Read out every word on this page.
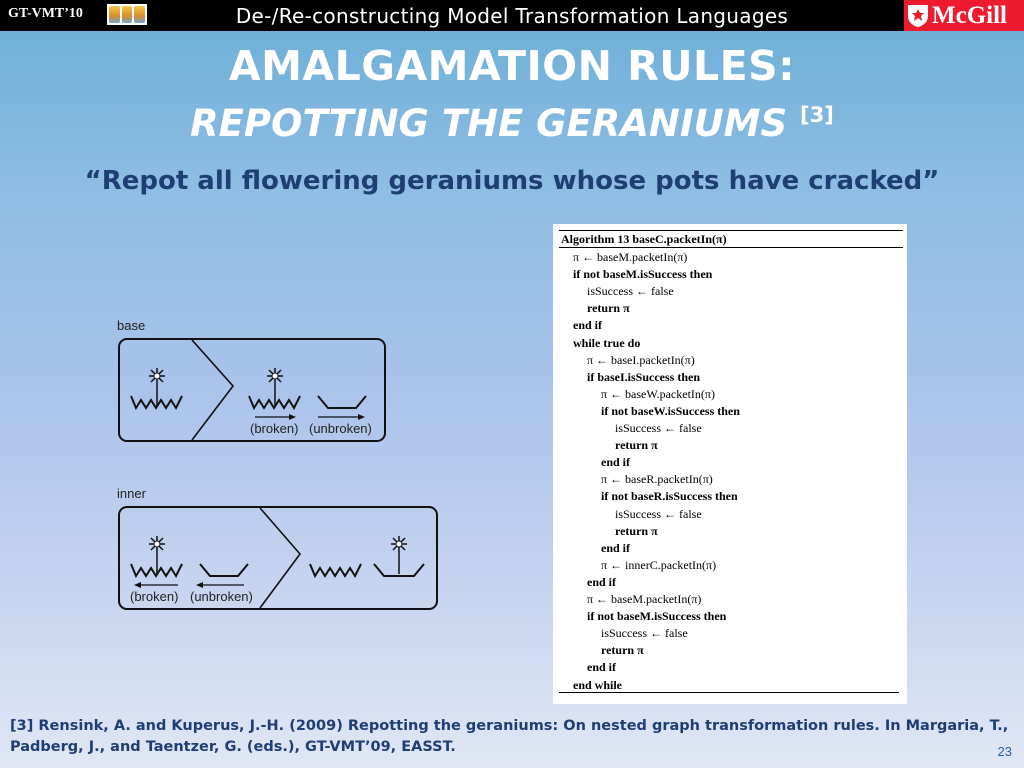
GT-VMT’10	De-/Re-constructing Model Transformation Languages	McGill
AMALGAMATION RULES:
REPOTTING THE GERANIUMS [3]
“Repot all flowering geraniums whose pots have cracked”
base
(broken) (unbroken)
inner
(broken) (unbroken)
Algorithm 13 baseC.packetIn(π)
π ← baseM.packetIn(π)
if not baseM.isSuccess then
isSuccess ← false
return π
end if
while true do
π ← baseI.packetIn(π)
if baseI.isSuccess then
π ← baseW.packetIn(π)
if not baseW.isSuccess then
isSuccess ← false
return π
end if
π ← baseR.packetIn(π)
if not baseR.isSuccess then
isSuccess ← false
return π
end if
π ← innerC.packetIn(π)
end if
π ← baseM.packetIn(π)
if not baseM.isSuccess then
isSuccess ← false
return π
end if
end while
[3] Rensink, A. and Kuperus, J.-H. (2009) Repotting the geraniums: On nested graph transformation rules. In Margaria, T., Padberg, J., and Taentzer, G. (eds.), GT-VMT’09, EASST.	23
